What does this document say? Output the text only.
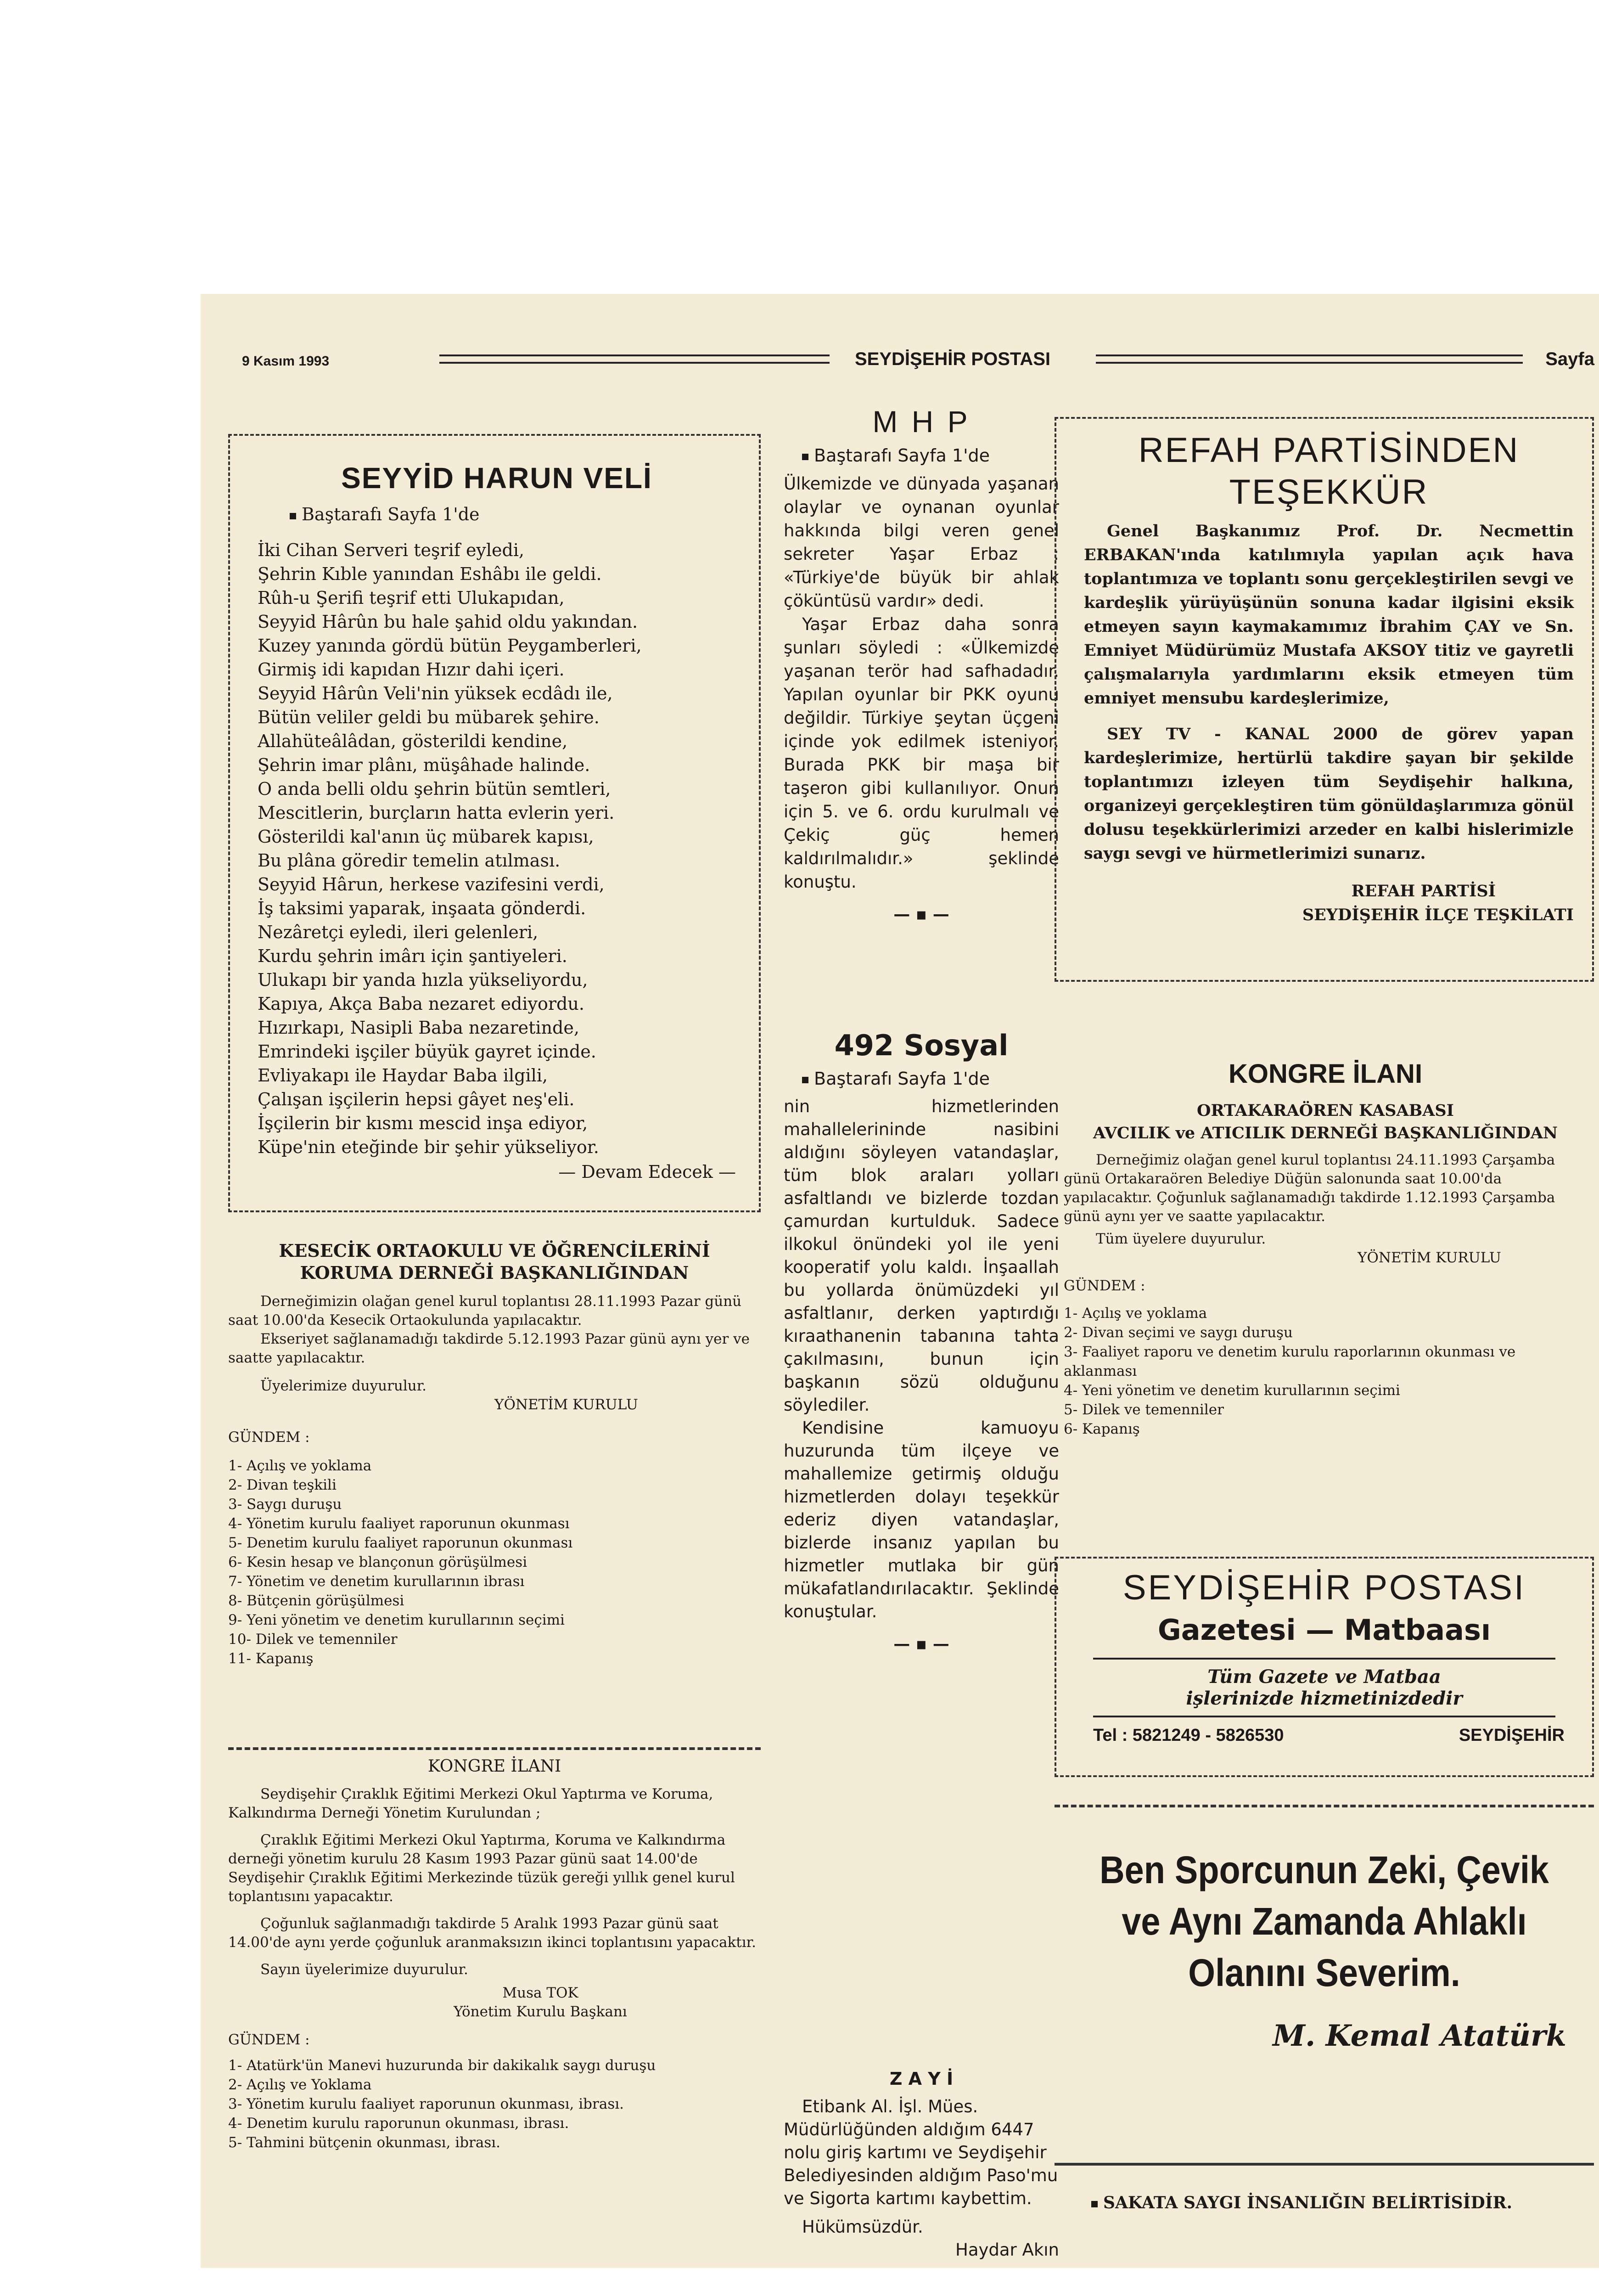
9 Kasım 1993	SEYDİŞEHİR POSTASI	Sayfa
SEYYİD HARUN VELİ
Baştarafı Sayfa 1'de

İki Cihan Serveri teşrif eyledi,

Şehrin Kıble yanından Eshâbı ile geldi.

Rûh-u Şerifi teşrif etti Ulukapıdan,

Seyyid Hârûn bu hale şahid oldu yakından.

Kuzey yanında gördü bütün Peygamberleri,

Girmiş idi kapıdan Hızır dahi içeri.

Seyyid Hârûn Veli'nin yüksek ecdâdı ile,

Bütün veliler geldi bu mübarek şehire.

Allahüteâlâdan, gösterildi kendine,

Şehrin imar plânı, müşâhade halinde.

O anda belli oldu şehrin bütün semtleri,

Mescitlerin, burçların hatta evlerin yeri.

Gösterildi kal'anın üç mübarek kapısı,

Bu plâna göredir temelin atılması.

Seyyid Hârun, herkese vazifesini verdi,

İş taksimi yaparak, inşaata gönderdi.

Nezâretçi eyledi, ileri gelenleri,

Kurdu şehrin imârı için şantiyeleri.

Ulukapı bir yanda hızla yükseliyordu,

Kapıya, Akça Baba nezaret ediyordu.

Hızırkapı, Nasipli Baba nezaretinde,

Emrindeki işçiler büyük gayret içinde.

Evliyakapı ile Haydar Baba ilgili,

Çalışan işçilerin hepsi gâyet neş'eli.

İşçilerin bir kısmı mescid inşa ediyor,

Küpe'nin eteğinde bir şehir yükseliyor.

— Devam Edecek —
KESECİK ORTAOKULU VE ÖĞRENCİLERİNİ
KORUMA DERNEĞİ BAŞKANLIĞINDAN

Derneğimizin olağan genel kurul toplantısı 28.11.1993 Pazar günü saat 10.00'da Kesecik Ortaokulunda yapılacaktır.

Ekseriyet sağlanamadığı takdirde 5.12.1993 Pazar günü aynı yer ve saatte yapılacaktır.

Üyelerimize duyurulur.

YÖNETİM KURULU

GÜNDEM :

1- Açılış ve yoklama

2- Divan teşkili

3- Saygı duruşu

4- Yönetim kurulu faaliyet raporunun okunması

5- Denetim kurulu faaliyet raporunun okunması

6- Kesin hesap ve blançonun görüşülmesi

7- Yönetim ve denetim kurullarının ibrası

8- Bütçenin görüşülmesi

9- Yeni yönetim ve denetim kurullarının seçimi

10- Dilek ve temenniler

11- Kapanış

KONGRE İLANI

Seydişehir Çıraklık Eğitimi Merkezi Okul Yaptırma ve Koruma, Kalkındırma Derneği Yönetim Kurulundan ;

Çıraklık Eğitimi Merkezi Okul Yaptırma, Koruma ve Kalkındırma derneği yönetim kurulu 28 Kasım 1993 Pazar günü saat 14.00'de Seydişehir Çıraklık Eğitimi Merkezinde tüzük gereği yıllık genel kurul toplantısını yapacaktır.

Çoğunluk sağlanmadığı takdirde 5 Aralık 1993 Pazar günü saat 14.00'de aynı yerde çoğunluk aranmaksızın ikinci toplantısını yapacaktır.

Sayın üyelerimize duyurulur.

Musa TOK

Yönetim Kurulu Başkanı

GÜNDEM :

1- Atatürk'ün Manevi huzurunda bir dakikalık saygı duruşu

2- Açılış ve Yoklama

3- Yönetim kurulu faaliyet raporunun okunması, ibrası.

4- Denetim kurulu raporunun okunması, ibrası.

5- Tahmini bütçenin okunması, ibrası.

M H P
Baştarafı Sayfa 1'de

Ülkemizde ve dünyada yaşanan olaylar ve oynanan oyunlar hakkında bilgi veren genel sekreter Yaşar Erbaz : «Türkiye'de büyük bir ahlak çöküntüsü vardır» dedi.

Yaşar Erbaz daha sonra şunları söyledi : «Ülkemizde yaşanan terör had safhadadır. Yapılan oyunlar bir PKK oyunu değildir. Türkiye şeytan üçgeni içinde yok edilmek isteniyor. Burada PKK bir maşa bir taşeron gibi kullanılıyor. Onun için 5. ve 6. ordu kurulmalı ve Çekiç güç hemen kaldırılmalıdır.» şeklinde konuştu.

— ▪ —
492 Sosyal
Baştarafı Sayfa 1'de

nin hizmetlerinden mahallelerininde nasibini aldığını söyleyen vatandaşlar, tüm blok araları yolları asfaltlandı ve bizlerde tozdan çamurdan kurtulduk. Sadece ilkokul önündeki yol ile yeni kooperatif yolu kaldı. İnşaallah bu yollarda önümüzdeki yıl asfaltlanır, derken yaptırdığı kıraathanenin tabanına tahta çakılmasını, bunun için başkanın sözü olduğunu söylediler.

Kendisine kamuoyu huzurunda tüm ilçeye ve mahallemize getirmiş olduğu hizmetlerden dolayı teşekkür ederiz diyen vatandaşlar, bizlerde insanız yapılan bu hizmetler mutlaka bir gün mükafatlandırılacaktır. Şeklinde konuştular.

— ▪ —
Z A Y İ

Etibank Al. İşl. Mües. Müdürlüğünden aldığım 6447 nolu giriş kartımı ve Seydişehir Belediyesinden aldığım Paso'mu ve Sigorta kartımı kaybettim.

Hükümsüzdür.

Haydar Akın

REFAH PARTİSİNDEN
TEŞEKKÜR

Genel Başkanımız Prof. Dr. Necmettin ERBAKAN'ında katılımıyla yapılan açık hava toplantımıza ve toplantı sonu gerçekleştirilen sevgi ve kardeşlik yürüyüşünün sonuna kadar ilgisini eksik etmeyen sayın kaymakamımız İbrahim ÇAY ve Sn. Emniyet Müdürümüz Mustafa AKSOY titiz ve gayretli çalışmalarıyla yardımlarını eksik etmeyen tüm emniyet mensubu kardeşlerimize,

SEY TV - KANAL 2000 de görev yapan kardeşlerimize, hertürlü takdire şayan bir şekilde toplantımızı izleyen tüm Seydişehir halkına, organizeyi gerçekleştiren tüm gönüldaşlarımıza gönül dolusu teşekkürlerimizi arzeder en kalbi hislerimizle saygı sevgi ve hürmetlerimizi sunarız.

REFAH PARTİSİ

SEYDİŞEHİR İLÇE TEŞKİLATI

KONGRE İLANI
ORTAKARAÖREN KASABASI
AVCILIK ve ATICILIK DERNEĞİ BAŞKANLIĞINDAN

Derneğimiz olağan genel kurul toplantısı 24.11.1993 Çarşamba günü Ortakaraören Belediye Düğün salonunda saat 10.00'da yapılacaktır. Çoğunluk sağlanamadığı takdirde 1.12.1993 Çarşamba günü aynı yer ve saatte yapılacaktır.

Tüm üyelere duyurulur.

YÖNETİM KURULU

GÜNDEM :

1- Açılış ve yoklama

2- Divan seçimi ve saygı duruşu

3- Faaliyet raporu ve denetim kurulu raporlarının okunması ve aklanması

4- Yeni yönetim ve denetim kurullarının seçimi

5- Dilek ve temenniler

6- Kapanış

SEYDİŞEHİR POSTASI
Gazetesi — Matbaası
Tüm Gazete ve Matbaa
işlerinizde hizmetinizdedir
Tel : 5821249 - 5826530	SEYDİŞEHİR
Ben Sporcunun Zeki, Çevik
ve Aynı Zamanda Ahlaklı
Olanını Severim.
M. Kemal Atatürk
SAKATA SAYGI İNSANLIĞIN BELİRTİSİDİR.
